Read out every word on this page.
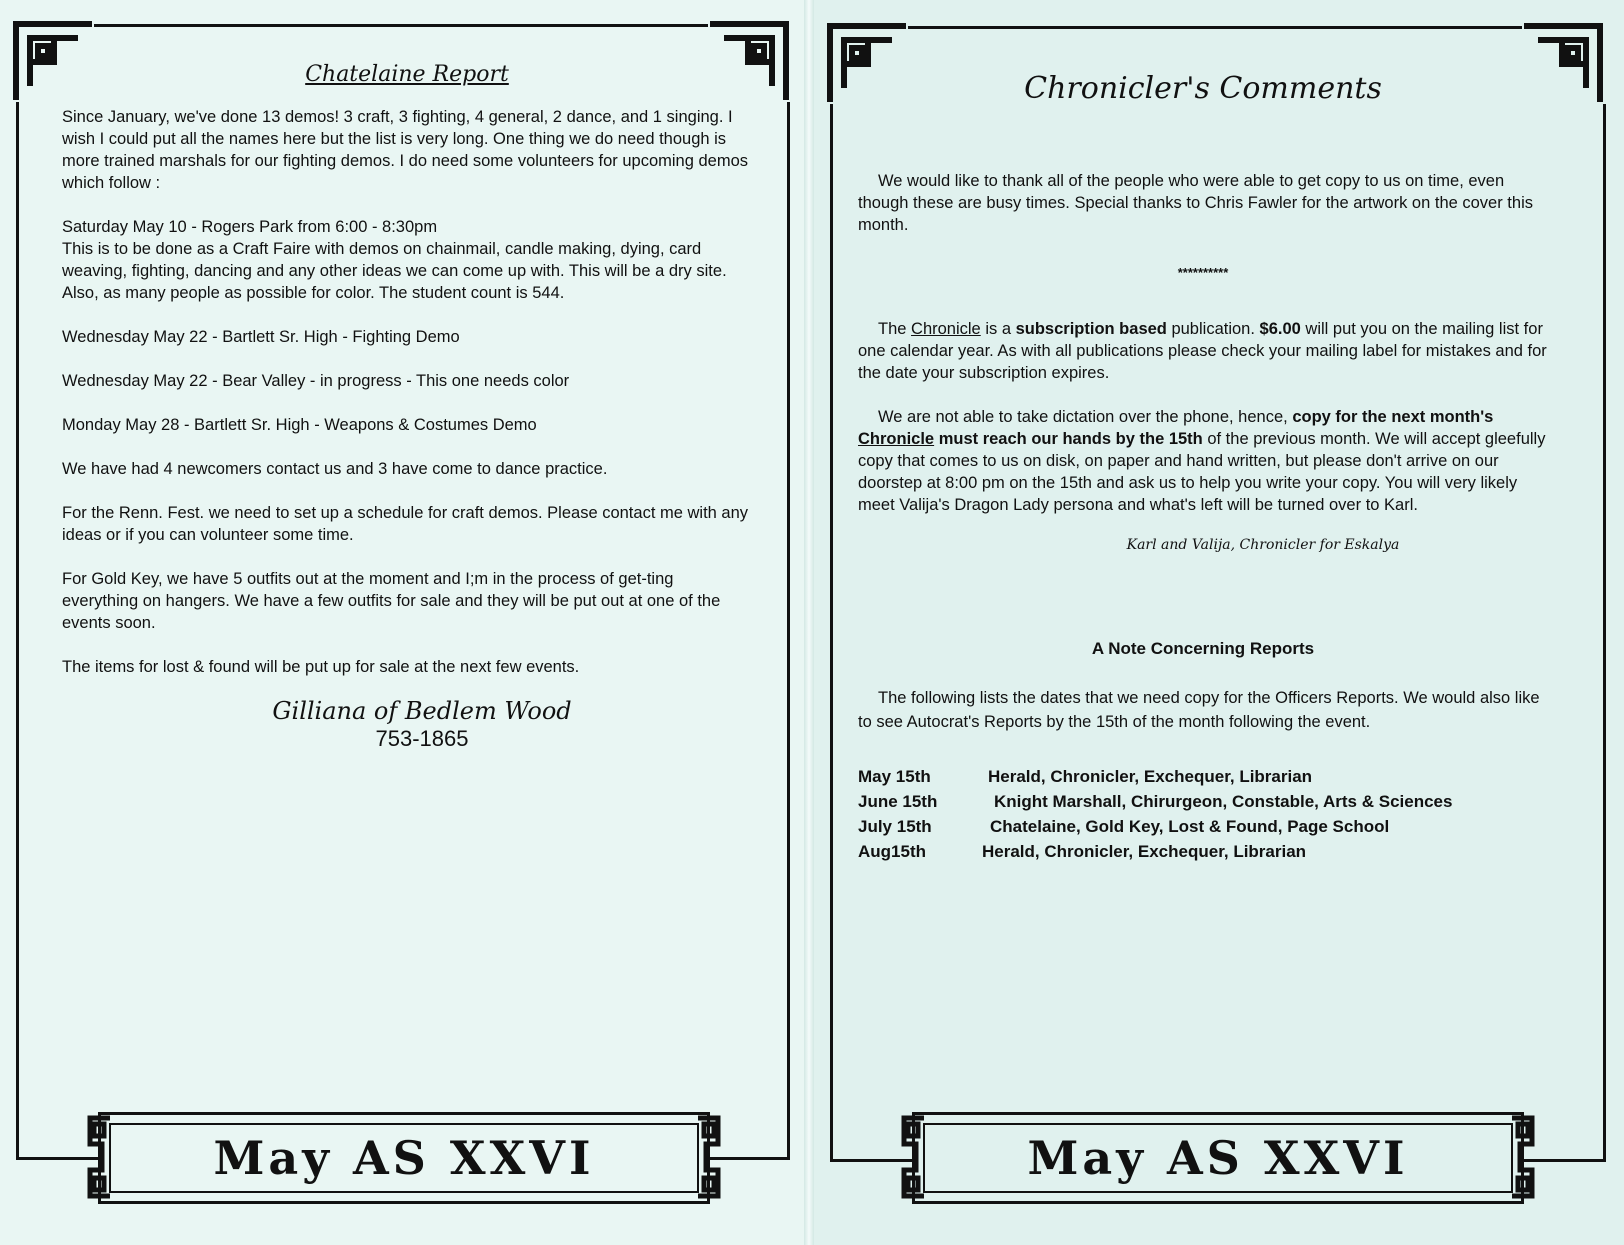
May AS XXVI	May AS XXVI
Chatelaine Report

Since January, we've done 13 demos! 3 craft, 3 fighting, 4 general, 2 dance, and 1 singing. I wish I could put all the names here but the list is very long. One thing we do need though is more trained marshals for our fighting demos. I do need some volunteers for upcoming demos which follow :

Saturday May 10 - Rogers Park from 6:00 - 8:30pm
This is to be done as a Craft Faire with demos on chainmail, candle making, dying, card weaving, fighting, dancing and any other ideas we can come up with. This will be a dry site. Also, as many people as possible for color. The student count is 544.

Wednesday May 22 - Bartlett Sr. High - Fighting Demo

Wednesday May 22 - Bear Valley - in progress - This one needs color

Monday May 28 - Bartlett Sr. High - Weapons & Costumes Demo

We have had 4 newcomers contact us and 3 have come to dance practice.

For the Renn. Fest. we need to set up a schedule for craft demos. Please contact me with any ideas or if you can volunteer some time.

For Gold Key, we have 5 outfits out at the moment and I;m in the process of get-ting everything on hangers. We have a few outfits for sale and they will be put out at one of the events soon.

The items for lost & found will be put up for sale at the next few events.

Gilliana of Bedlem Wood
753-1865
Chronicler's Comments

We would like to thank all of the people who were able to get copy to us on time, even though these are busy times. Special thanks to Chris Fawler for the artwork on the cover this month.

**********

The Chronicle is a subscription based publication. $6.00 will put you on the mailing list for one calendar year. As with all publications please check your mailing label for mistakes and for the date your subscription expires.

We are not able to take dictation over the phone, hence, copy for the next month's Chronicle must reach our hands by the 15th of the previous month. We will accept gleefully copy that comes to us on disk, on paper and hand written, but please don't arrive on our doorstep at 8:00 pm on the 15th and ask us to help you write your copy. You will very likely meet Valija's Dragon Lady persona and what's left will be turned over to Karl.

Karl and Valija, Chronicler for Eskalya
A Note Concerning Reports

The following lists the dates that we need copy for the Officers Reports. We would also like to see Autocrat's Reports by the 15th of the month following the event.

May 15th	Herald, Chronicler, Exchequer, Librarian
June 15th	Knight Marshall, Chirurgeon, Constable, Arts & Sciences
July 15th	Chatelaine, Gold Key, Lost & Found, Page School
Aug15th	Herald, Chronicler, Exchequer, Librarian
